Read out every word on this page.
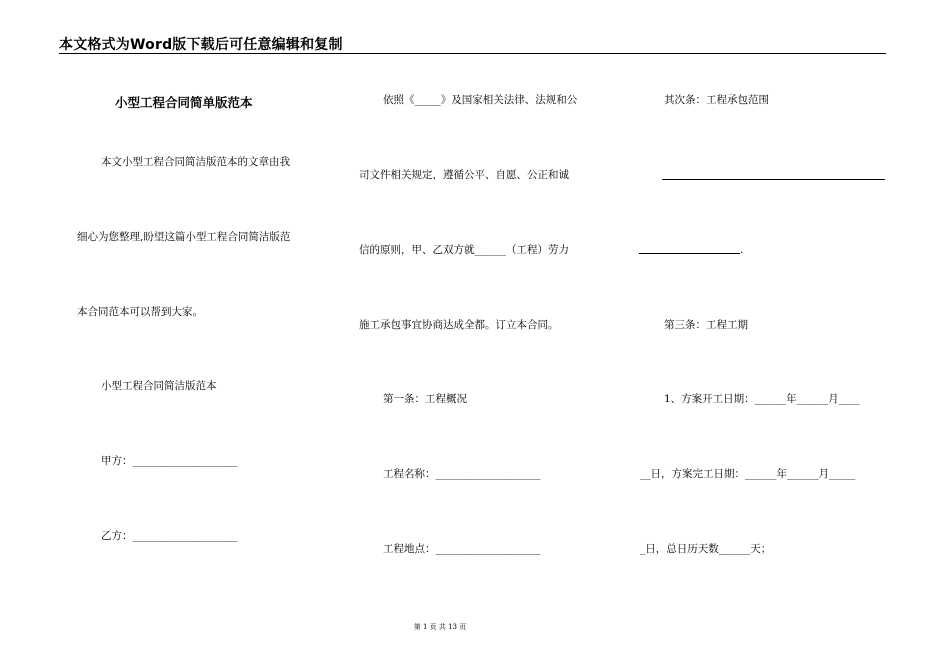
本文格式为Word版下载后可任意编辑和复制
小型工程合同简单版范本
本文小型工程合同简洁版范本的文章由我
细心为您整理,盼望这篇小型工程合同简洁版范
本合同范本可以帮到大家。
小型工程合同简洁版范本
甲方：____________________
乙方：____________________
依照《_____》及国家相关法律、法规和公
司文件相关规定，遵循公平、自愿、公正和诚
信的原则，甲、乙双方就______（工程）劳力
施工承包事宜协商达成全都。订立本合同。
第一条：工程概况
工程名称：____________________
工程地点：____________________
其次条：工程承包范围
.
第三条：工程工期
1、方案开工日期：______年______月____
__日，方案完工日期：______年______月_____
_日，总日历天数______天；
第 1 页 共 13 页
